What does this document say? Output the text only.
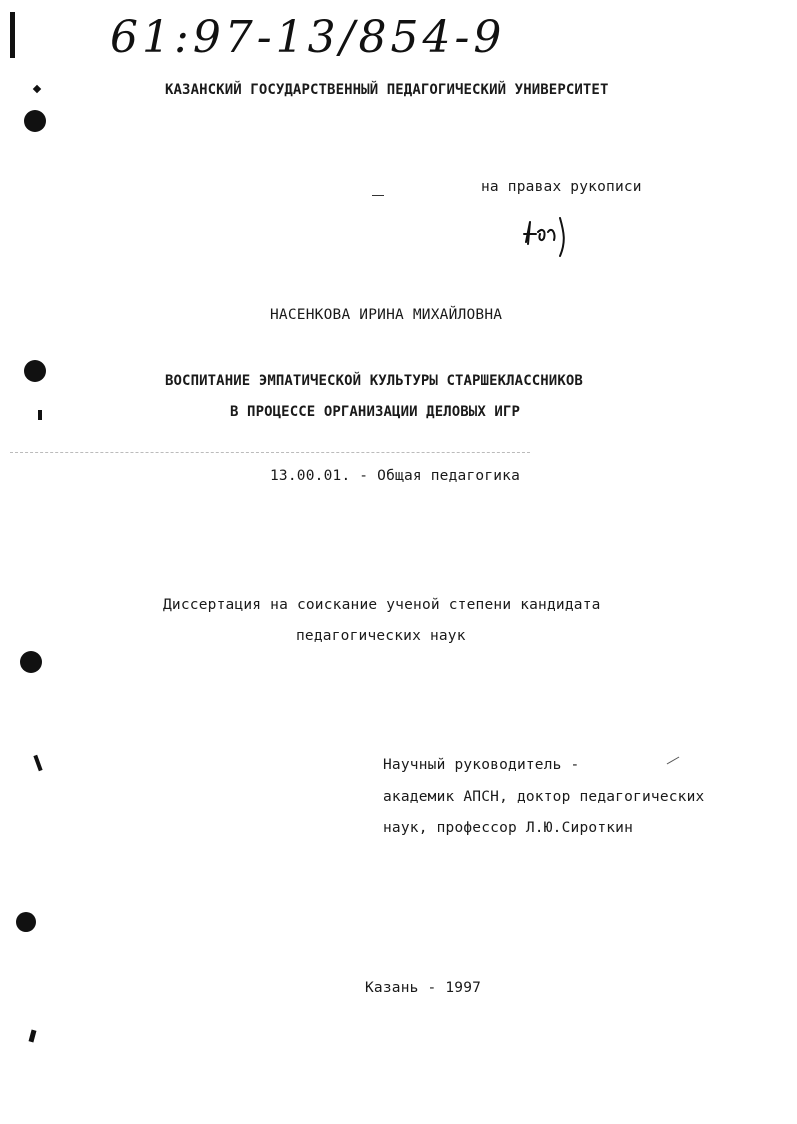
61:97-13/854-9
КАЗАНСКИЙ ГОСУДАРСТВЕННЫЙ ПЕДАГОГИЧЕСКИЙ УНИВЕРСИТЕТ
на правах рукописи
НАСЕНКОВА ИРИНА МИХАЙЛОВНА
ВОСПИТАНИЕ ЭМПАТИЧЕСКОЙ КУЛЬТУРЫ СТАРШЕКЛАССНИКОВ
В ПРОЦЕССЕ ОРГАНИЗАЦИИ ДЕЛОВЫХ ИГР
13.00.01. - Общая педагогика
Диссертация на соискание ученой степени кандидата
педагогических наук
Научный руководитель -
академик АПСН, доктор педагогических
наук, профессор Л.Ю.Сироткин
Казань - 1997
